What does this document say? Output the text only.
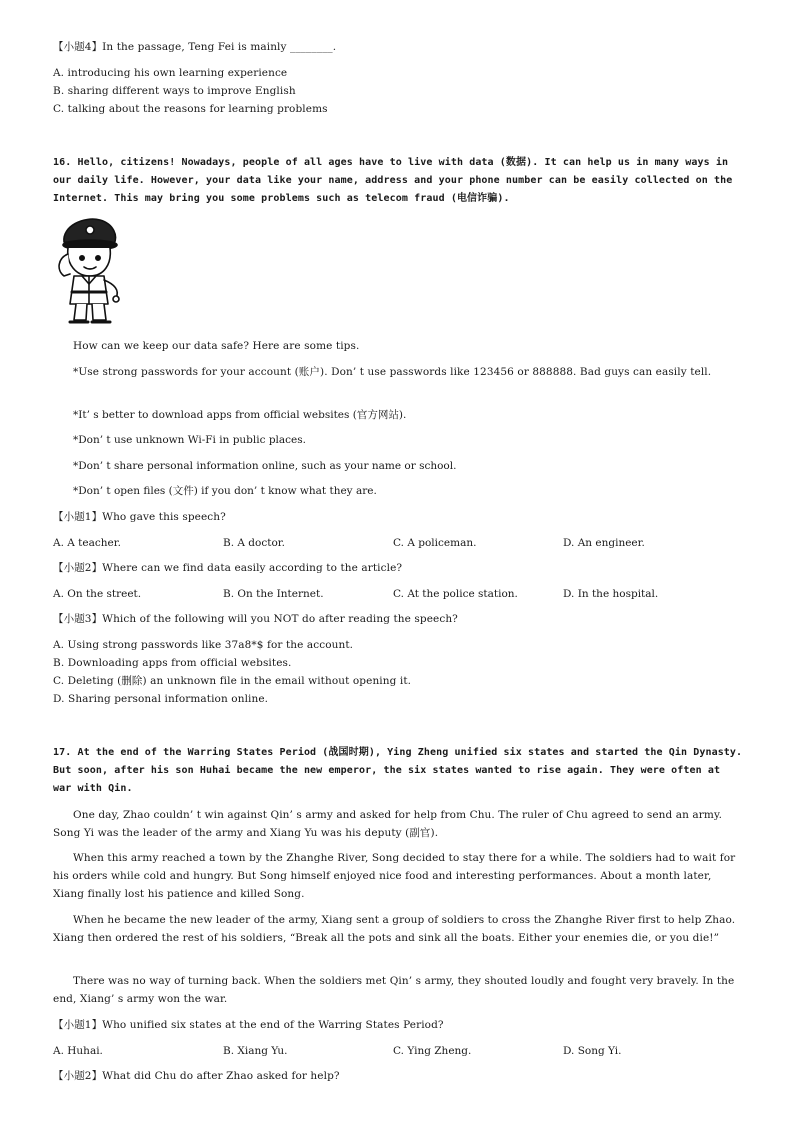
【小题4】In the passage, Teng Fei is mainly ________.
A. introducing his own learning experience
B. sharing different ways to improve English
C. talking about the reasons for learning problems
16. Hello, citizens! Nowadays, people of all ages have to live with data (数据). It can help us in many ways in our daily life. However, your data like your name, address and your phone number can be easily collected on the Internet. This may bring you some problems such as telecom fraud (电信诈骗).
How can we keep our data safe? Here are some tips.
*Use strong passwords for your account (账户). Don’ t use passwords like 123456 or 888888. Bad guys can easily tell.
*It’ s better to download apps from official websites (官方网站).
*Don’ t use unknown Wi-Fi in public places.
*Don’ t share personal information online, such as your name or school.
*Don’ t open files (文件) if you don’ t know what they are.
【小题1】Who gave this speech?
A. A teacher.	B. A doctor.	C. A policeman.	D. An engineer.
【小题2】Where can we find data easily according to the article?
A. On the street.	B. On the Internet.	C. At the police station.	D. In the hospital.
【小题3】Which of the following will you NOT do after reading the speech?
A. Using strong passwords like 37a8*$ for the account.
B. Downloading apps from official websites.
C. Deleting (删除) an unknown file in the email without opening it.
D. Sharing personal information online.
17. At the end of the Warring States Period (战国时期), Ying Zheng unified six states and started the Qin Dynasty. But soon, after his son Huhai became the new emperor, the six states wanted to rise again. They were often at war with Qin.
One day, Zhao couldn’ t win against Qin’ s army and asked for help from Chu. The ruler of Chu agreed to send an army. Song Yi was the leader of the army and Xiang Yu was his deputy (副官).
When this army reached a town by the Zhanghe River, Song decided to stay there for a while. The soldiers had to wait for his orders while cold and hungry. But Song himself enjoyed nice food and interesting performances. About a month later, Xiang finally lost his patience and killed Song.
When he became the new leader of the army, Xiang sent a group of soldiers to cross the Zhanghe River first to help Zhao. Xiang then ordered the rest of his soldiers, “Break all the pots and sink all the boats. Either your enemies die, or you die!”
There was no way of turning back. When the soldiers met Qin’ s army, they shouted loudly and fought very bravely. In the end, Xiang’ s army won the war.
【小题1】Who unified six states at the end of the Warring States Period?
A. Huhai.	B. Xiang Yu.	C. Ying Zheng.	D. Song Yi.
【小题2】What did Chu do after Zhao asked for help?
